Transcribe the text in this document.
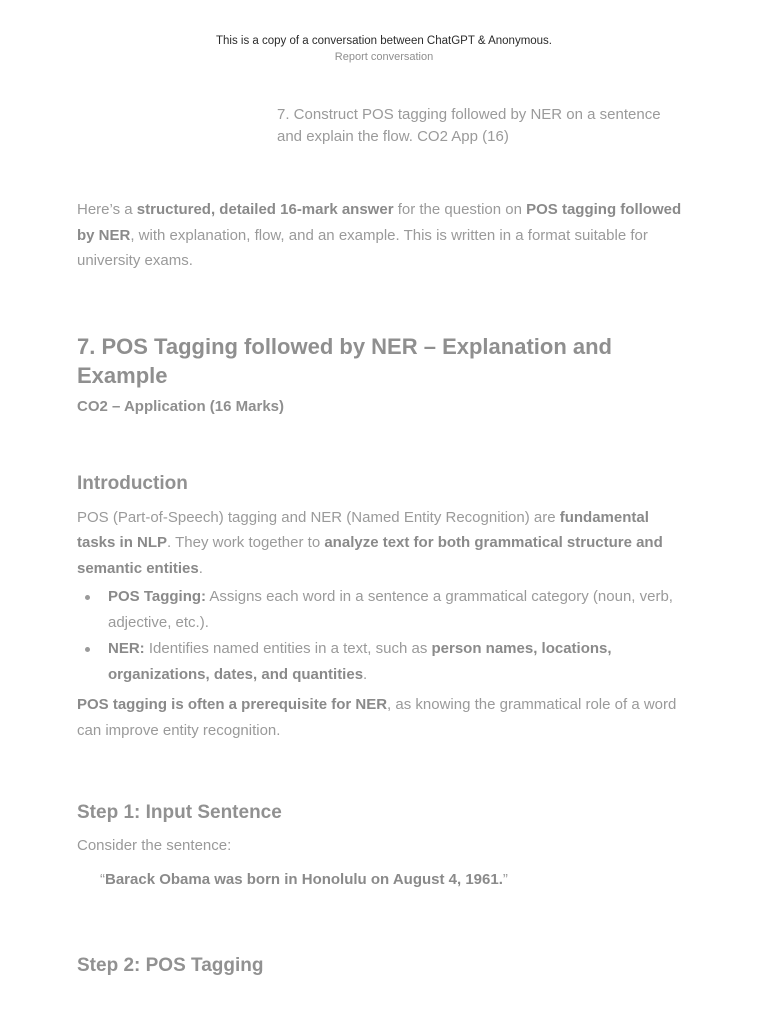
This is a copy of a conversation between ChatGPT & Anonymous.
Report conversation
7. Construct POS tagging followed by NER on a sentence and explain the flow. CO2 App (16)

Here’s a structured, detailed 16-mark answer for the question on POS tagging followed by NER, with explanation, flow, and an example. This is written in a format suitable for university exams.

7. POS Tagging followed by NER – Explanation and Example
CO2 – Application (16 Marks)
Introduction

POS (Part-of-Speech) tagging and NER (Named Entity Recognition) are fundamental tasks in NLP. They work together to analyze text for both grammatical structure and semantic entities.

POS Tagging: Assigns each word in a sentence a grammatical category (noun, verb, adjective, etc.).
NER: Identifies named entities in a text, such as person names, locations, organizations, dates, and quantities.

POS tagging is often a prerequisite for NER, as knowing the grammatical role of a word can improve entity recognition.

Step 1: Input Sentence

Consider the sentence:

“Barack Obama was born in Honolulu on August 4, 1961.”
Step 2: POS Tagging
